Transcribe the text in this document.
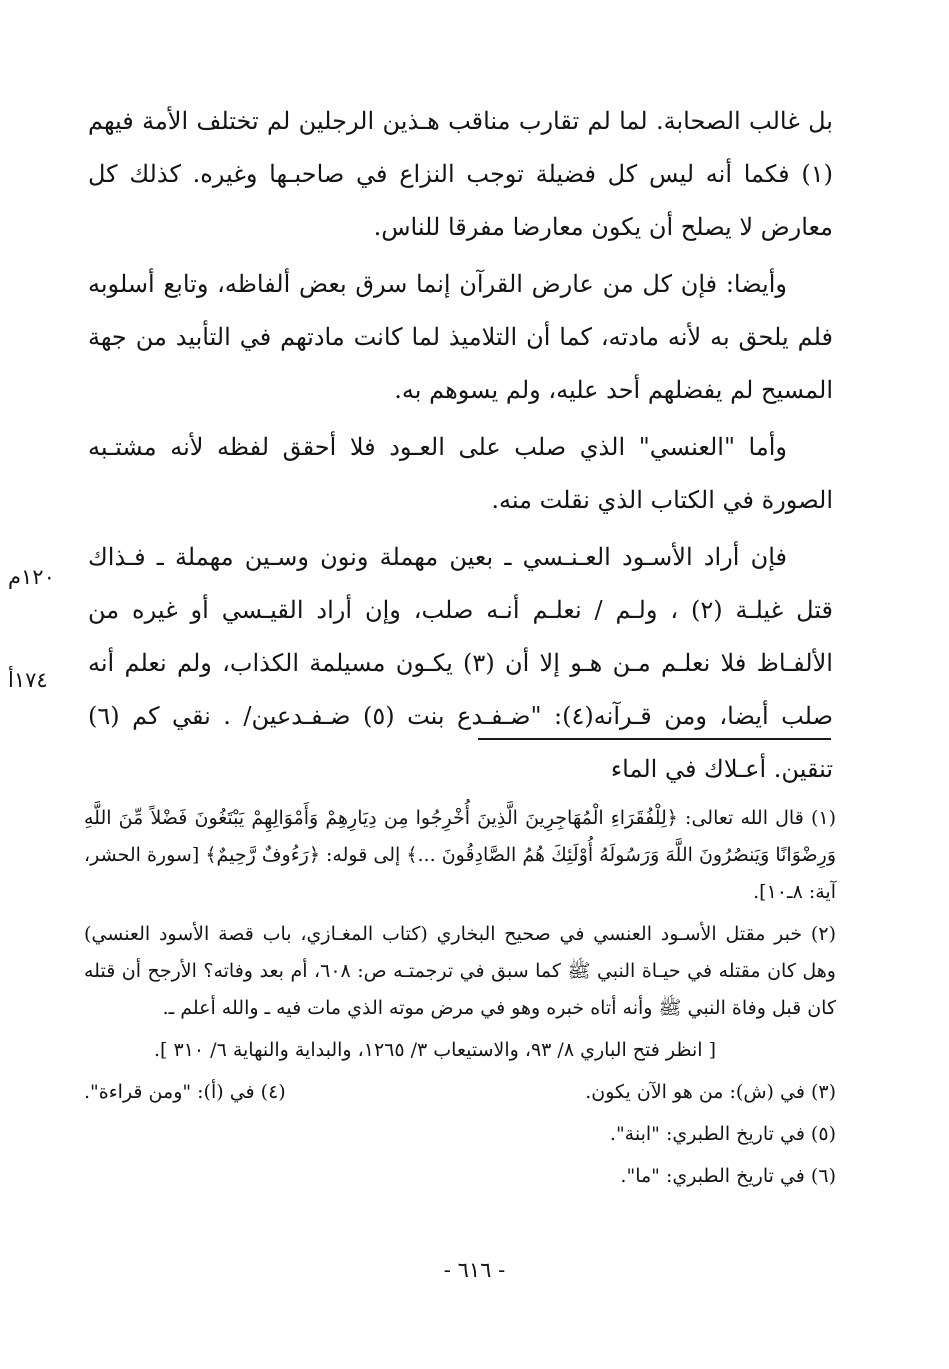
بل غالب الصحابة. لما لم تقارب مناقب هـذين الرجلين لم تختلف الأمة فيهم (١) فكما أنه ليس كل فضيلة توجب النزاع في صاحبـها وغيره. كذلك كل معارض لا يصلح أن يكون معارضا مفرقا للناس.

وأيضا: فإن كل من عارض القرآن إنما سرق بعض ألفاظه، وتابع أسلوبه فلم يلحق به لأنه مادته، كما أن التلاميذ لما كانت مادتهم في التأبيد من جهة المسيح لم يفضلهم أحد عليه، ولم يسوهم به.

وأما "العنسي" الذي صلب على العـود فلا أحقق لفظه لأنه مشتـبه الصورة في الكتاب الذي نقلت منه.

فإن أراد الأسـود العـنـسي ـ بعين مهملة ونون وسـين مهملة ـ فـذاك قتل غيلـة (٢) ، ولـم / نعلـم أنـه صلب، وإن أراد القيـسي أو غيره من الألفـاظ فلا نعلـم مـن هـو إلا أن (٣) يكـون مسيلمة الكذاب، ولم نعلم أنه صلب أيضا، ومن قـرآنه(٤): "ضـفـدع بنت (٥) ضـفـدعين/ . نقي كم (٦) تنقين. أعـلاك في الماء

١٢٠م
١٧٤أ

(١) قال الله تعالى: ﴿لِلْفُقَرَاءِ الْمُهَاجِرِينَ الَّذِينَ أُخْرِجُوا مِن دِيَارِهِمْ وَأَمْوَالِهِمْ يَبْتَغُونَ فَضْلاً مِّنَ اللَّهِ وَرِضْوَانًا وَيَنصُرُونَ اللَّهَ وَرَسُولَهُ أُوْلَئِكَ هُمُ الصَّادِقُونَ ...﴾ إلى قوله: ﴿رَءُوفٌ رَّحِيمٌ﴾ [سورة الحشر، آية: ٨ـ١٠].

(٢) خبر مقتل الأسـود العنسي في صحيح البخاري (كتاب المغـازي، باب قصة الأسود العنسي) وهل كان مقتله في حيـاة النبي ﷺ كما سبق في ترجمتـه ص: ٦٠٨، أم بعد وفاته؟ الأرجح أن قتله كان قبل وفاة النبي ﷺ وأنه أتاه خبره وهو في مرض موته الذي مات فيه ـ والله أعلم ـ.

[ انظر فتح الباري ٨/ ٩٣، والاستيعاب ٣/ ١٢٦٥، والبداية والنهاية ٦/ ٣١٠ ].

(٣) في (ش): من هو الآن يكون.
(٤) في (أ): "ومن قراءة".

(٥) في تاريخ الطبري: "ابنة".

(٦) في تاريخ الطبري: "ما".

- ٦١٦ -
